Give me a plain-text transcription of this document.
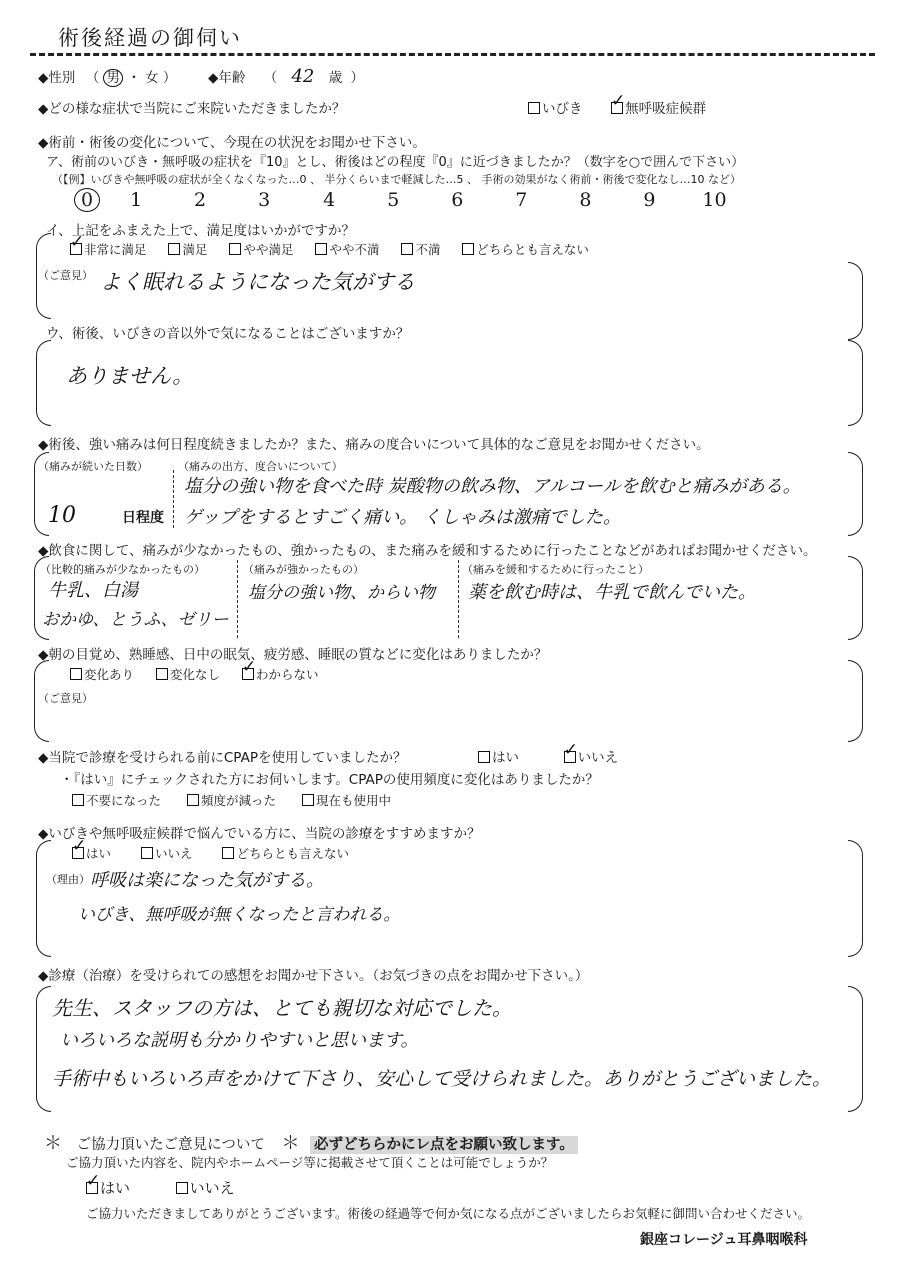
術後経過の御伺い
◆性別 （ 男 ・ 女 ） ◆年齢 （ 42 歳 ）
◆どの様な症状で当院にご来院いただきましたか？	いびき ✓	無呼吸症候群
◆術前・術後の変化について、今現在の状況をお聞かせ下さい。
ア、術前のいびき・無呼吸の症状を『10』とし、術後はどの程度『0』に近づきましたか？（数字を○で囲んで下さい）
（【例】いびきや無呼吸の症状が全くなくなった…0 、 半分くらいまで軽減した…5 、 手術の効果がなく術前・術後で変化なし…10 など）
0 1	2	3	4	5	6	7	8	9 10
イ、上記をふまえた上で、満足度はいかがですか？
✓非常に満足	満足	やや満足	やや不満	不満	どちらとも言えない
（ご意見） よく眠れるようになった気がする
ウ、術後、いびきの音以外で気になることはございますか？
ありません。
◆術後、強い痛みは何日程度続きましたか？また、痛みの度合いについて具体的なご意見をお聞かせください。
（痛みが続いた日数）
10	日程度
（痛みの出方、度合いについて）
塩分の強い物を食べた時 炭酸物の飲み物、アルコールを飲むと痛みがある。
ゲップをするとすごく痛い。 くしゃみは激痛でした。
◆飲食に関して、痛みが少なかったもの、強かったもの、また痛みを緩和するために行ったことなどがあればお聞かせください。
（比較的痛みが少なかったもの）
牛乳、白湯
おかゆ、とうふ、ゼリー
（痛みが強かったもの）
塩分の強い物、からい物
（痛みを緩和するために行ったこと）
薬を飲む時は、牛乳で飲んでいた。
◆朝の目覚め、熟睡感、日中の眠気、疲労感、睡眠の質などに変化はありましたか？
変化あり	変化なし ✓	わからない
（ご意見）
◆当院で診療を受けられる前にCPAPを使用していましたか？	はい ✓	いいえ
・『はい』にチェックされた方にお伺いします。CPAPの使用頻度に変化はありましたか？
不要になった	頻度が減った	現在も使用中
◆いびきや無呼吸症候群で悩んでいる方に、当院の診療をすすめますか？
✓はい	いいえ	どちらとも言えない
（理由） 呼吸は楽になった気がする。
いびき、無呼吸が無くなったと言われる。
◆診療（治療）を受けられての感想をお聞かせ下さい。（お気づきの点をお聞かせ下さい。）
先生、スタッフの方は、とても親切な対応でした。
いろいろな説明も分かりやすいと思います。
手術中もいろいろ声をかけて下さり、安心して受けられました。ありがとうございました。
＊ ご協力頂いたご意見について ＊ 必ずどちらかにレ点をお願い致します。
ご協力頂いた内容を、院内やホームページ等に掲載させて頂くことは可能でしょうか？
✓はい	いいえ
ご協力いただきましてありがとうございます。術後の経過等で何か気になる点がございましたらお気軽に御問い合わせください。
銀座コレージュ耳鼻咽喉科
